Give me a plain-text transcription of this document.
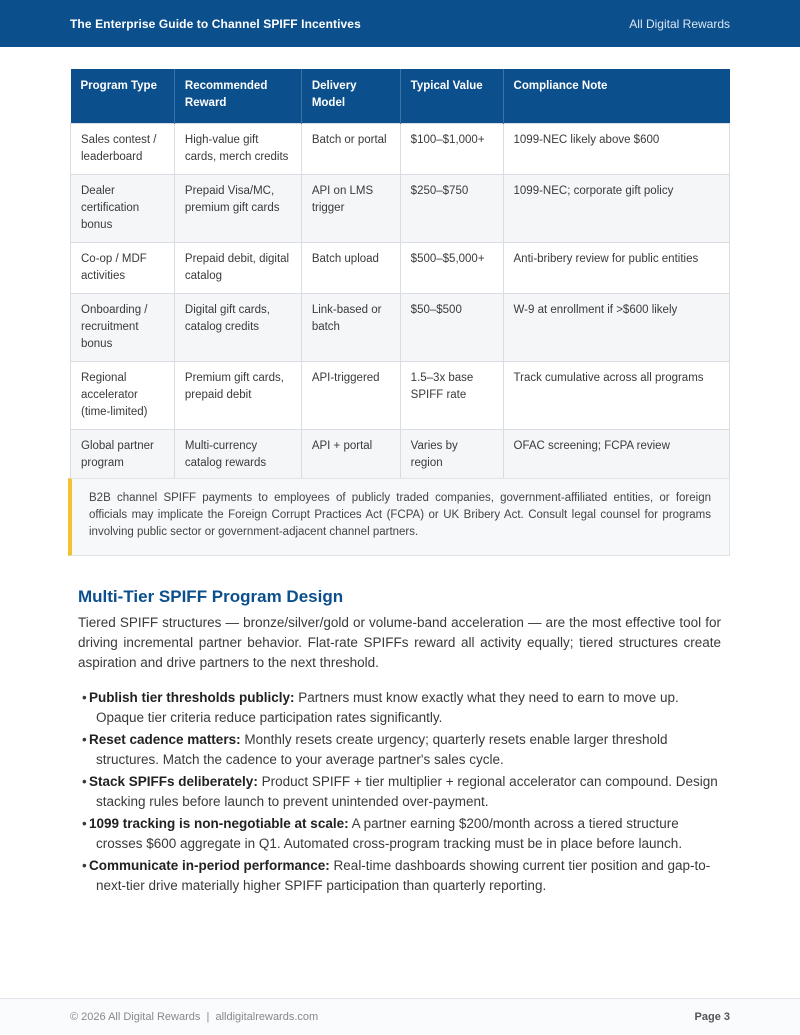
The Enterprise Guide to Channel SPIFF Incentives	All Digital Rewards
Program Type	Recommended Reward	Delivery Model	Typical Value	Compliance Note
Sales contest / leaderboard	High-value gift cards, merch credits	Batch or portal	$100–$1,000+	1099-NEC likely above $600
Dealer certification bonus	Prepaid Visa/MC, premium gift cards	API on LMS trigger	$250–$750	1099-NEC; corporate gift policy
Co-op / MDF activities	Prepaid debit, digital catalog	Batch upload	$500–$5,000+	Anti-bribery review for public entities
Onboarding / recruitment bonus	Digital gift cards, catalog credits	Link-based or batch	$50–$500	W-9 at enrollment if >$600 likely
Regional accelerator (time-limited)	Premium gift cards, prepaid debit	API-triggered	1.5–3x base SPIFF rate	Track cumulative across all programs
Global partner program	Multi-currency catalog rewards	API + portal	Varies by region	OFAC screening; FCPA review
B2B channel SPIFF payments to employees of publicly traded companies, government-affiliated entities, or foreign officials may implicate the Foreign Corrupt Practices Act (FCPA) or UK Bribery Act. Consult legal counsel for programs involving public sector or government-adjacent channel partners.
Multi-Tier SPIFF Program Design

Tiered SPIFF structures — bronze/silver/gold or volume-band acceleration — are the most effective tool for driving incremental partner behavior. Flat-rate SPIFFs reward all activity equally; tiered structures create aspiration and drive partners to the next threshold.

• Publish tier thresholds publicly: Partners must know exactly what they need to earn to move up. Opaque tier criteria reduce participation rates significantly.
• Reset cadence matters: Monthly resets create urgency; quarterly resets enable larger threshold structures. Match the cadence to your average partner's sales cycle.
• Stack SPIFFs deliberately: Product SPIFF + tier multiplier + regional accelerator can compound. Design stacking rules before launch to prevent unintended over-payment.
• 1099 tracking is non-negotiable at scale: A partner earning $200/month across a tiered structure crosses $600 aggregate in Q1. Automated cross-program tracking must be in place before launch.
• Communicate in-period performance: Real-time dashboards showing current tier position and gap-to-next-tier drive materially higher SPIFF participation than quarterly reporting.
© 2026 All Digital Rewards  |  alldigitalrewards.com	Page 3
